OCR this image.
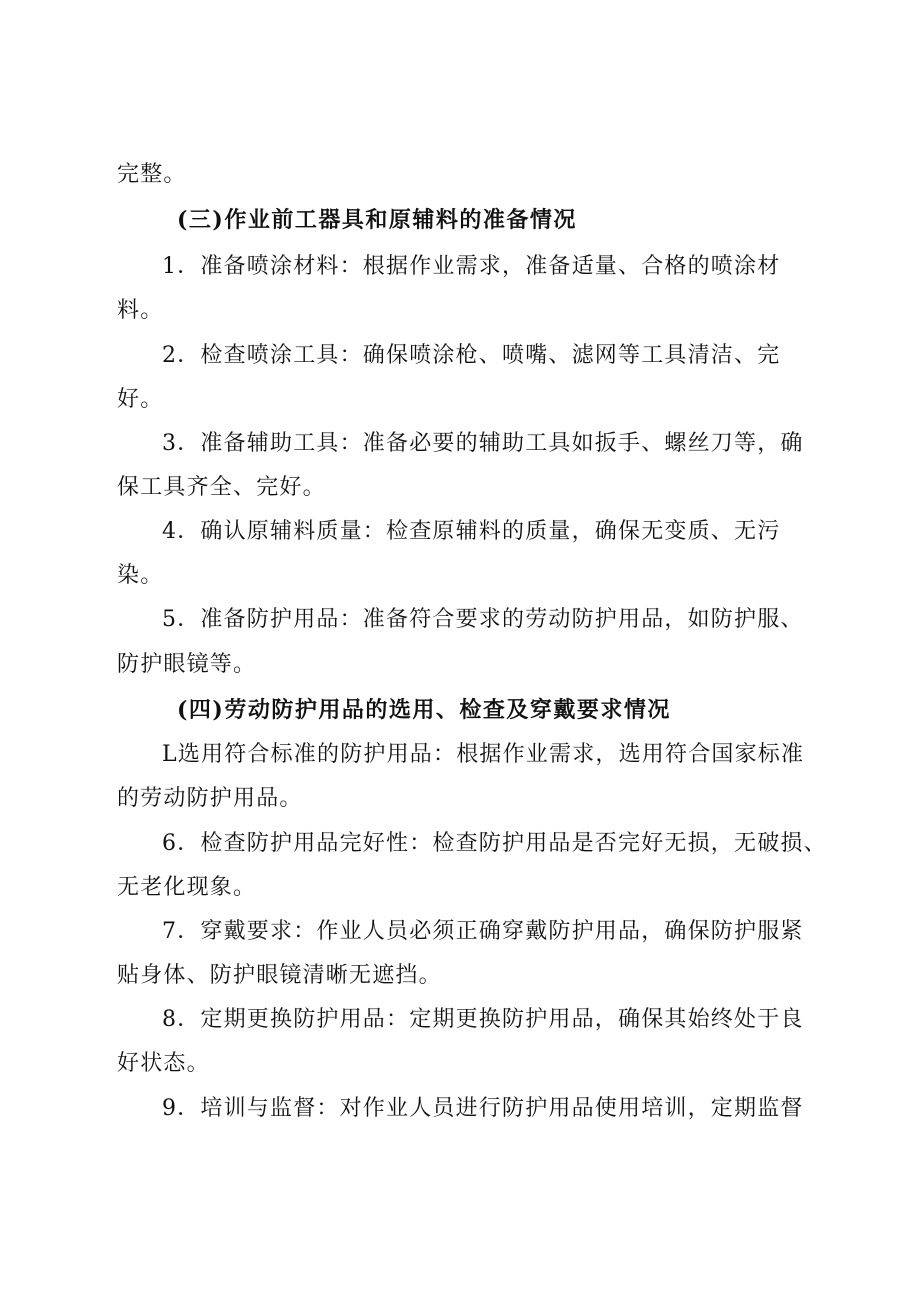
完整。
(三)作业前工器具和原辅料的准备情况
1．准备喷涂材料：根据作业需求，准备适量、合格的喷涂材
料。
2．检查喷涂工具：确保喷涂枪、喷嘴、滤网等工具清洁、完
好。
3．准备辅助工具：准备必要的辅助工具如扳手、螺丝刀等，确
保工具齐全、完好。
4．确认原辅料质量：检查原辅料的质量，确保无变质、无污
染。
5．准备防护用品：准备符合要求的劳动防护用品，如防护服、
防护眼镜等。
(四)劳动防护用品的选用、检查及穿戴要求情况
L选用符合标准的防护用品：根据作业需求，选用符合国家标准
的劳动防护用品。
6．检查防护用品完好性：检查防护用品是否完好无损，无破损、
无老化现象。
7．穿戴要求：作业人员必须正确穿戴防护用品，确保防护服紧
贴身体、防护眼镜清晰无遮挡。
8．定期更换防护用品：定期更换防护用品，确保其始终处于良
好状态。
9．培训与监督：对作业人员进行防护用品使用培训，定期监督
